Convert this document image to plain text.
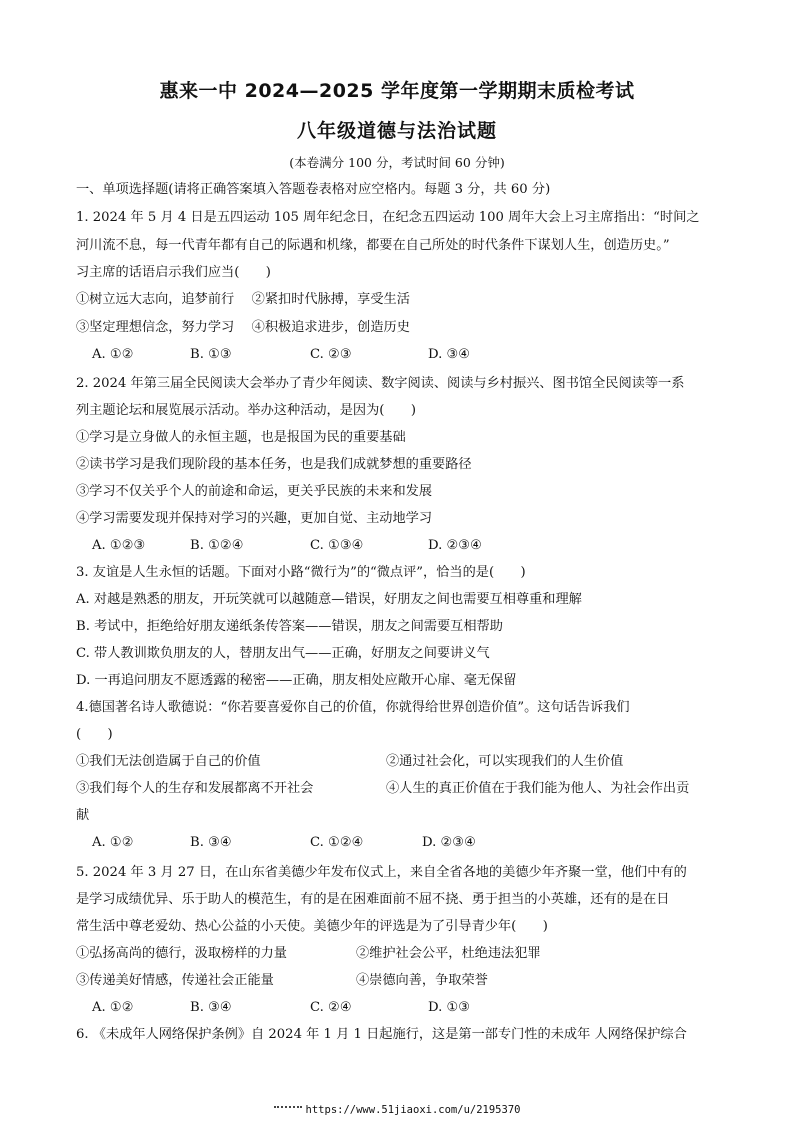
惠来一中 2024—2025 学年度第一学期期末质检考试
八年级道德与法治试题
(本卷满分 100 分，考试时间 60 分钟)
一、单项选择题(请将正确答案填入答题卷表格对应空格内。每题 3 分，共 60 分)
1. 2024 年 5 月 4 日是五四运动 105 周年纪念日，在纪念五四运动 100 周年大会上习主席指出：“时间之
河川流不息，每一代青年都有自己的际遇和机缘，都要在自己所处的时代条件下谋划人生，创造历史。”
习主席的话语启示我们应当(　　)
①树立远大志向，追梦前行　 ②紧扣时代脉搏，享受生活
③坚定理想信念，努力学习　 ④积极追求进步，创造历史
A. ①②	B. ①③	C. ②③	D. ③④
2. 2024 年第三届全民阅读大会举办了青少年阅读、数字阅读、阅读与乡村振兴、图书馆全民阅读等一系
列主题论坛和展览展示活动。举办这种活动，是因为(　　)
①学习是立身做人的永恒主题，也是报国为民的重要基础
②读书学习是我们现阶段的基本任务，也是我们成就梦想的重要路径
③学习不仅关乎个人的前途和命运，更关乎民族的未来和发展
④学习需要发现并保持对学习的兴趣，更加自觉、主动地学习
A. ①②③	B. ①②④	C. ①③④	D. ②③④
3. 友谊是人生永恒的话题。下面对小路“微行为”的“微点评”，恰当的是(　　)
A. 对越是熟悉的朋友，开玩笑就可以越随意—错误，好朋友之间也需要互相尊重和理解
B. 考试中，拒绝给好朋友递纸条传答案——错误，朋友之间需要互相帮助
C. 带人教训欺负朋友的人，替朋友出气——正确，好朋友之间要讲义气
D. 一再追问朋友不愿透露的秘密——正确，朋友相处应敞开心扉、毫无保留
4.德国著名诗人歌德说：“你若要喜爱你自己的价值，你就得给世界创造价值”。这句话告诉我们
(　　)
①我们无法创造属于自己的价值	②通过社会化，可以实现我们的人生价值
③我们每个人的生存和发展都离不开社会	④人生的真正价值在于我们能为他人、为社会作出贡
献
A. ①②	B. ③④	C. ①②④	D. ②③④
5. 2024 年 3 月 27 日，在山东省美德少年发布仪式上，来自全省各地的美德少年齐聚一堂，他们中有的
是学习成绩优异、乐于助人的模范生，有的是在困难面前不屈不挠、勇于担当的小英雄，还有的是在日
常生活中尊老爱幼、热心公益的小天使。美德少年的评选是为了引导青少年(　　)
①弘扬高尚的德行，汲取榜样的力量	②维护社会公平，杜绝违法犯罪
③传递美好情感，传递社会正能量	④崇德向善，争取荣誉
A. ①②	B. ③④	C. ②④	D. ①③
6. 《未成年人网络保护条例》自 2024 年 1 月 1 日起施行，这是第一部专门性的未成年 人网络保护综合
https://www.51jiaoxi.com/u/2195370
